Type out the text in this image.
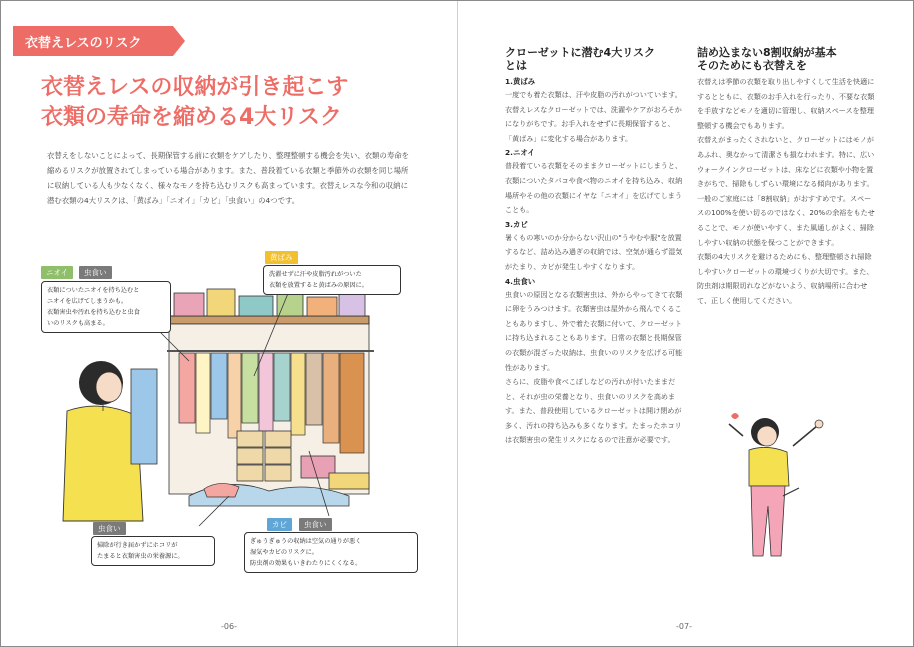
衣替えレスのリスク
衣替えレスの収納が引き起こす
衣類の寿命を縮める4大リスク

衣替えをしないことによって、長期保管する前に衣類をケアしたり、整理整頓する機会を失い、衣類の寿命を縮めるリスクが放置されてしまっている場合があります。また、普段着ている衣類と季節外の衣類を同じ場所に収納している人も少なくなく、様々なモノを持ち込むリスクも高まっています。衣替えレスな今和の収納に潜む衣類の4大リスクは、「黄ばみ」「ニオイ」「カビ」「虫食い」の4つです。

ニオイ	虫食い
衣類についたニオイを持ち込むと
ニオイを広げてしまうかも。
衣類害虫や汚れを持ち込むと虫食
いのリスクも高まる。
黄ばみ
洗濯せずに汗や皮脂汚れがついた
衣類を放置すると黄ばみの原因に。
虫食い
掃除が行き届かずにホコリが
たまると衣類害虫の栄養源に。
カビ	虫食い
ぎゅうぎゅうの収納は空気の通りが悪く
湿気やカビのリスクに。
防虫剤の効果もいきわたりにくくなる。
-06-

クローゼットに潜む4大リスク
とは

1.黄ばみ

一度でも着た衣類は、汗や皮脂の汚れがついています。衣替えレスなクローゼットでは、洗濯やケアがおろそかになりがちです。お手入れをせずに長期保管すると、「黄ばみ」に変化する場合があります。

2.ニオイ

普段着ている衣類をそのままクローゼットにしまうと、衣類についたタバコや食べ物のニオイを持ち込み、収納場所やその他の衣類にイヤな「ニオイ」を広げてしまうことも。

3.カビ

暑くもの寒いのか分からない沢山の"うやむや服"を放置するなど、詰め込み過ぎの収納では、空気が通らず湿気がたまり、カビが発生しやすくなります。

4.虫食い

虫食いの原因となる衣類害虫は、外からやってきて衣類に卵をうみつけます。衣類害虫は屋外から飛んでくることもありますし、外で着た衣類に付いて、クローゼットに持ち込まれることもあります。日常の衣類と長期保管の衣類が混ざった収納は、虫食いのリスクを広げる可能性があります。
さらに、皮脂や食べこぼしなどの汚れが付いたままだと、それが虫の栄養となり、虫食いのリスクを高めます。また、普段使用しているクローゼットは開け閉めが多く、汚れの持ち込みも多くなります。たまったホコリは衣類害虫の発生リスクになるので注意が必要です。

詰め込まない8割収納が基本
そのためにも衣替えを

衣替えは季節の衣類を取り出しやすくして生活を快適にするとともに、衣類のお手入れを行ったり、不要な衣類を手放すなどモノを適切に管理し、収納スペースを整理整頓する機会でもあります。
衣替えがまったくされないと、クローゼットにはモノがあふれ、奥なかって清潔さも損なわれます。特に、広いウォークインクローゼットは、床などに衣類や小物を置きがちで、掃除もしずらい環境になる傾向があります。
一般のご家庭には「8割収納」がおすすめです。スペースの100%を使い切るのではなく、20%の余裕をもたせることで、モノが使いやすく、また風通しがよく、掃除しやすい収納の状態を保つことができます。
衣類の4大リスクを避けるためにも、整理整頓され掃除しやすいクローゼットの環境づくりが大切です。また、防虫剤は期限切れなどがないよう、収納場所に合わせて、正しく使用してください。

-07-
